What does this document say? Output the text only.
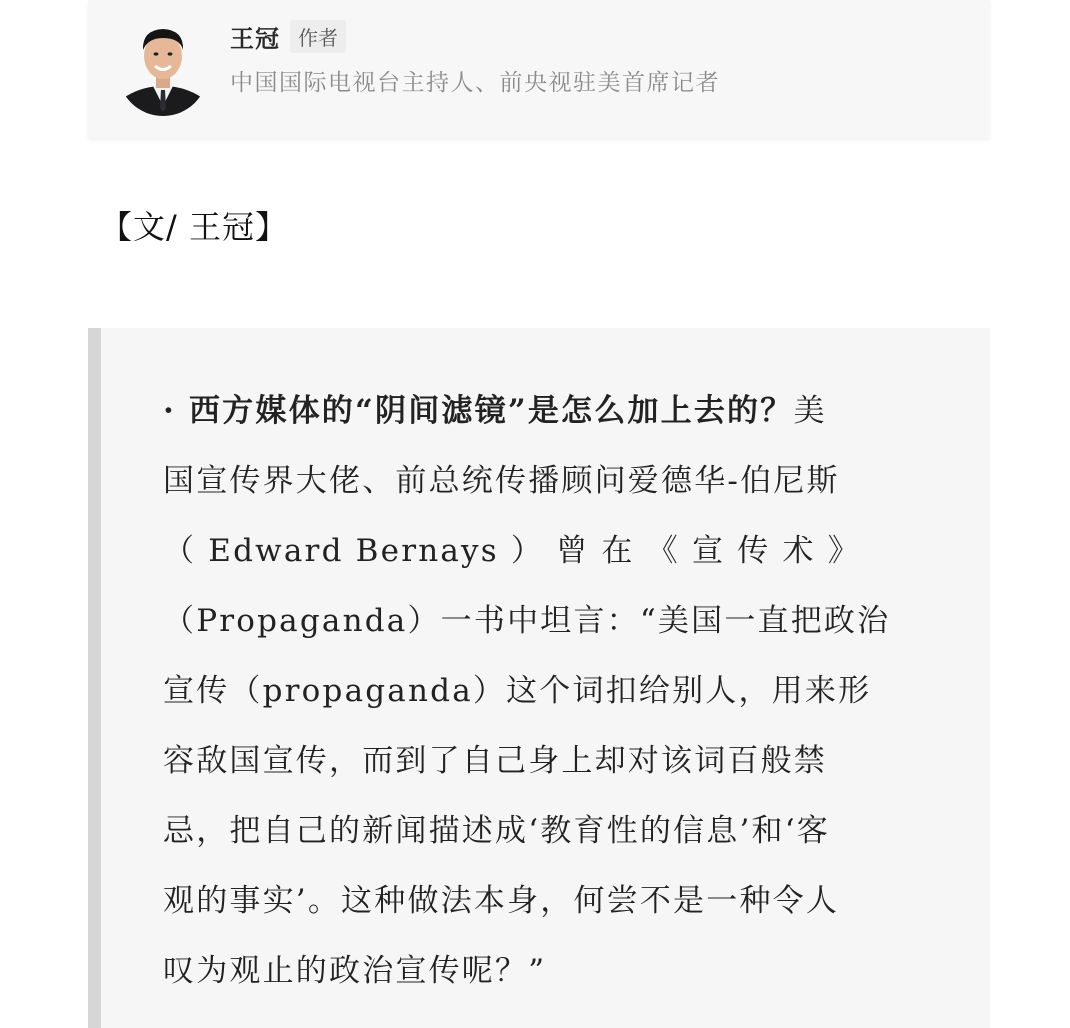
王冠 作者
中国国际电视台主持人、前央视驻美首席记者
【文/ 王冠】
· 西方媒体的“阴间滤镜”是怎么加上去的？美
国宣传界大佬、前总统传播顾问爱德华-伯尼斯
（ Edward Bernays ） 曾 在 《 宣 传 术 》
（Propaganda）一书中坦言：“美国一直把政治
宣传（propaganda）这个词扣给别人，用来形
容敌国宣传，而到了自己身上却对该词百般禁
忌，把自己的新闻描述成‘教育性的信息’和‘客
观的事实’。这种做法本身，何尝不是一种令人
叹为观止的政治宣传呢？”
